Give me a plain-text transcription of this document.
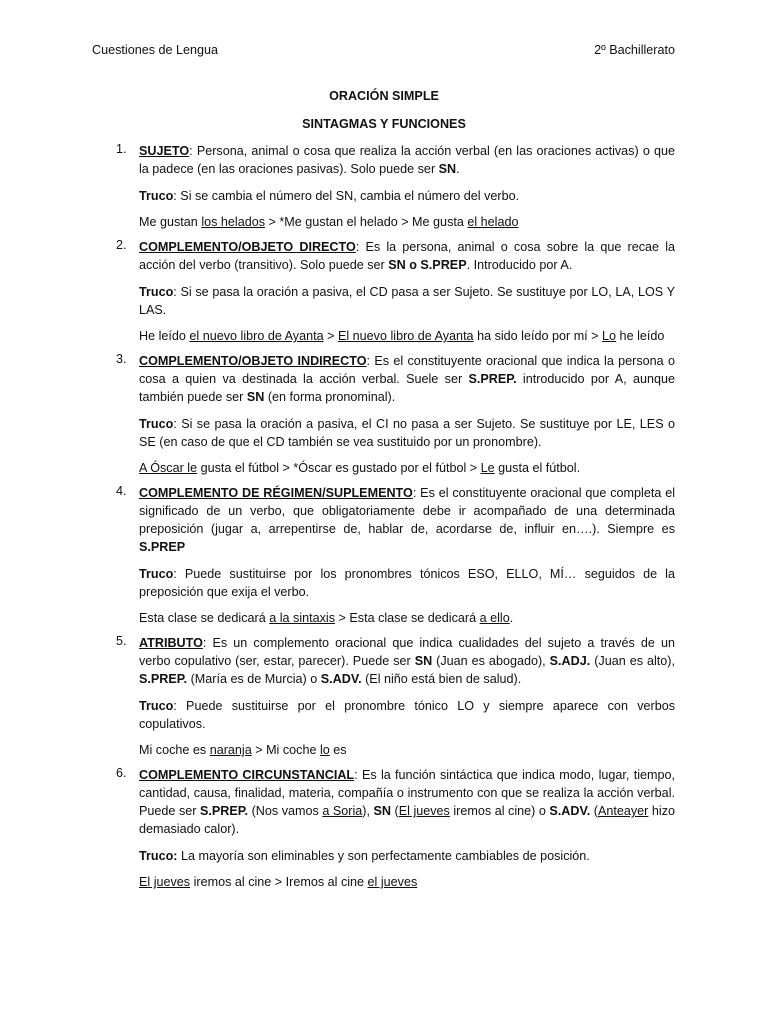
Cuestiones de Lengua	2º Bachillerato
ORACIÓN SIMPLE
SINTAGMAS Y FUNCIONES
1. SUJETO: Persona, animal o cosa que realiza la acción verbal (en las oraciones activas) o que la padece (en las oraciones pasivas). Solo puede ser SN.

Truco: Si se cambia el número del SN, cambia el número del verbo.

Me gustan los helados > *Me gustan el helado > Me gusta el helado

2. COMPLEMENTO/OBJETO DIRECTO: Es la persona, animal o cosa sobre la que recae la acción del verbo (transitivo). Solo puede ser SN o S.PREP. Introducido por A.

Truco: Si se pasa la oración a pasiva, el CD pasa a ser Sujeto. Se sustituye por LO, LA, LOS Y LAS.

He leído el nuevo libro de Ayanta > El nuevo libro de Ayanta ha sido leído por mí > Lo he leído

3. COMPLEMENTO/OBJETO INDIRECTO: Es el constituyente oracional que indica la persona o cosa a quien va destinada la acción verbal. Suele ser S.PREP. introducido por A, aunque también puede ser SN (en forma pronominal).

Truco: Si se pasa la oración a pasiva, el CI no pasa a ser Sujeto. Se sustituye por LE, LES o SE (en caso de que el CD también se vea sustituido por un pronombre).

A Óscar le gusta el fútbol > *Óscar es gustado por el fútbol > Le gusta el fútbol.

4. COMPLEMENTO DE RÉGIMEN/SUPLEMENTO: Es el constituyente oracional que completa el significado de un verbo, que obligatoriamente debe ir acompañado de una determinada preposición (jugar a, arrepentirse de, hablar de, acordarse de, influir en….). Siempre es S.PREP

Truco: Puede sustituirse por los pronombres tónicos ESO, ELLO, MÍ… seguidos de la preposición que exija el verbo.

Esta clase se dedicará a la sintaxis > Esta clase se dedicará a ello.

5. ATRIBUTO: Es un complemento oracional que indica cualidades del sujeto a través de un verbo copulativo (ser, estar, parecer). Puede ser SN (Juan es abogado), S.ADJ. (Juan es alto), S.PREP. (María es de Murcia) o S.ADV. (El niño está bien de salud).

Truco: Puede sustituirse por el pronombre tónico LO y siempre aparece con verbos copulativos.

Mi coche es naranja > Mi coche lo es

6. COMPLEMENTO CIRCUNSTANCIAL: Es la función sintáctica que indica modo, lugar, tiempo, cantidad, causa, finalidad, materia, compañía o instrumento con que se realiza la acción verbal. Puede ser S.PREP. (Nos vamos a Soria), SN (El jueves iremos al cine) o S.ADV. (Anteayer hizo demasiado calor).

Truco: La mayoría son eliminables y son perfectamente cambiables de posición.

El jueves iremos al cine > Iremos al cine el jueves
